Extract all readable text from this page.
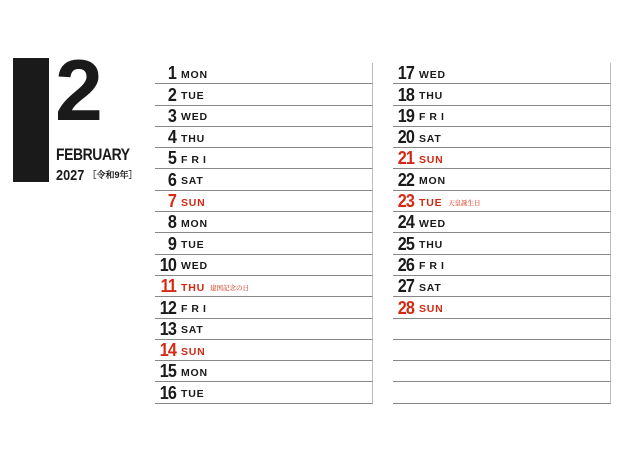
2
FEBRUARY
2027 ［令和9年］
1 MON
2 TUE
3 WED
4 THU
5 FRI
6 SAT
7 SUN
8 MON
9 TUE
10 WED
11 THU 建国記念の日
12 FRI
13 SAT
14 SUN
15 MON
16 TUE
17 WED
18 THU
19 FRI
20 SAT
21 SUN
22 MON
23 TUE 天皇誕生日
24 WED
25 THU
26 FRI
27 SAT
28 SUN
